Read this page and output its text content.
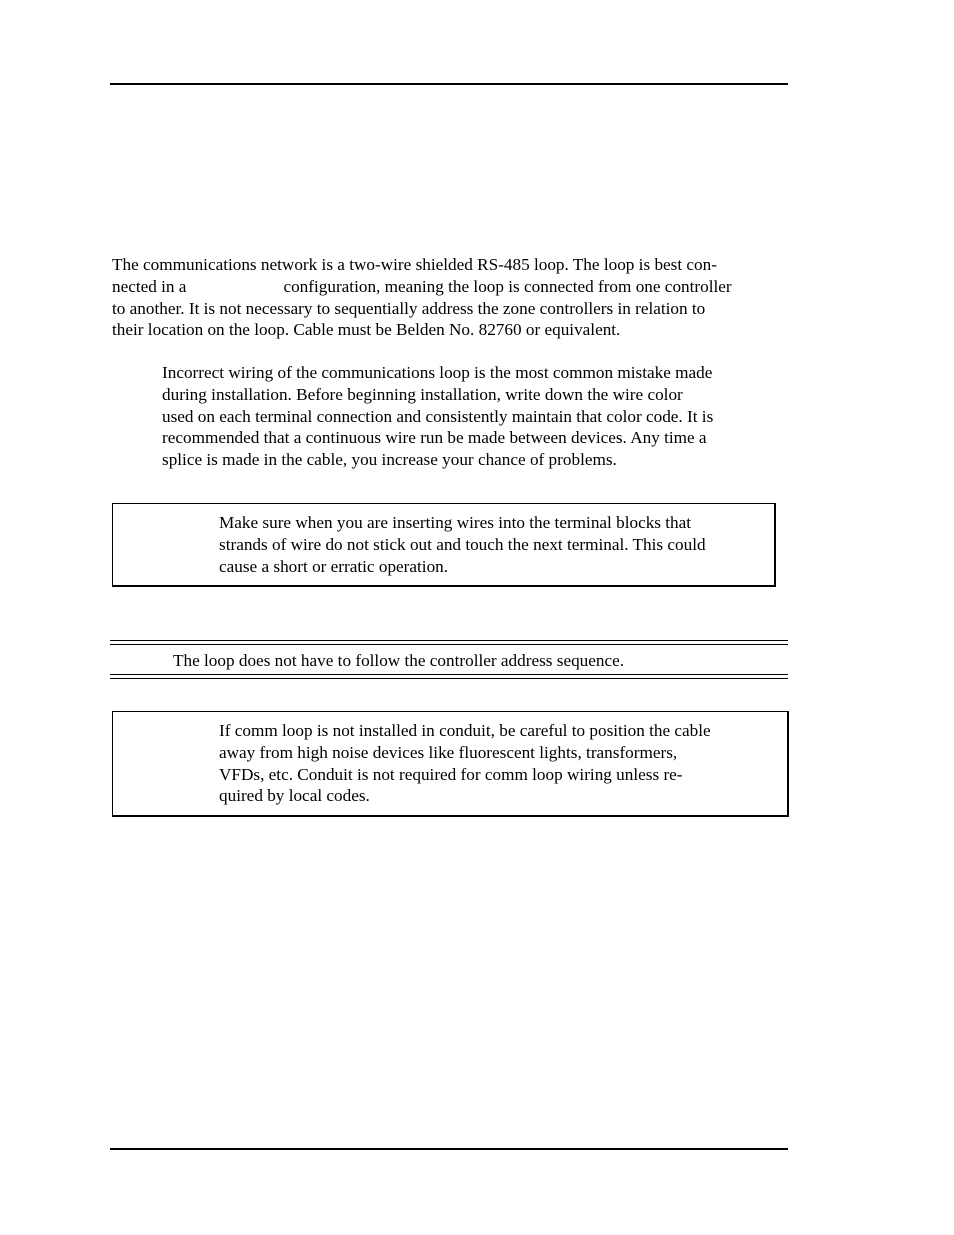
The communications network is a two-wire shielded RS-485 loop. The loop is best con-
nected in a	configuration, meaning the loop is connected from one controller
to another. It is not necessary to sequentially address the zone controllers in relation to
their location on the loop. Cable must be Belden No. 82760 or equivalent.

Incorrect wiring of the communications loop is the most common mistake made
during installation. Before beginning installation, write down the wire color
used on each terminal connection and consistently maintain that color code. It is
recommended that a continuous wire run be made between devices. Any time a
splice is made in the cable, you increase your chance of problems.

Make sure when you are inserting wires into the terminal blocks that
strands of wire do not stick out and touch the next terminal. This could
cause a short or erratic operation.

The loop does not have to follow the controller address sequence.

If comm loop is not installed in conduit, be careful to position the cable
away from high noise devices like fluorescent lights, transformers,
VFDs, etc. Conduit is not required for comm loop wiring unless re-
quired by local codes.
